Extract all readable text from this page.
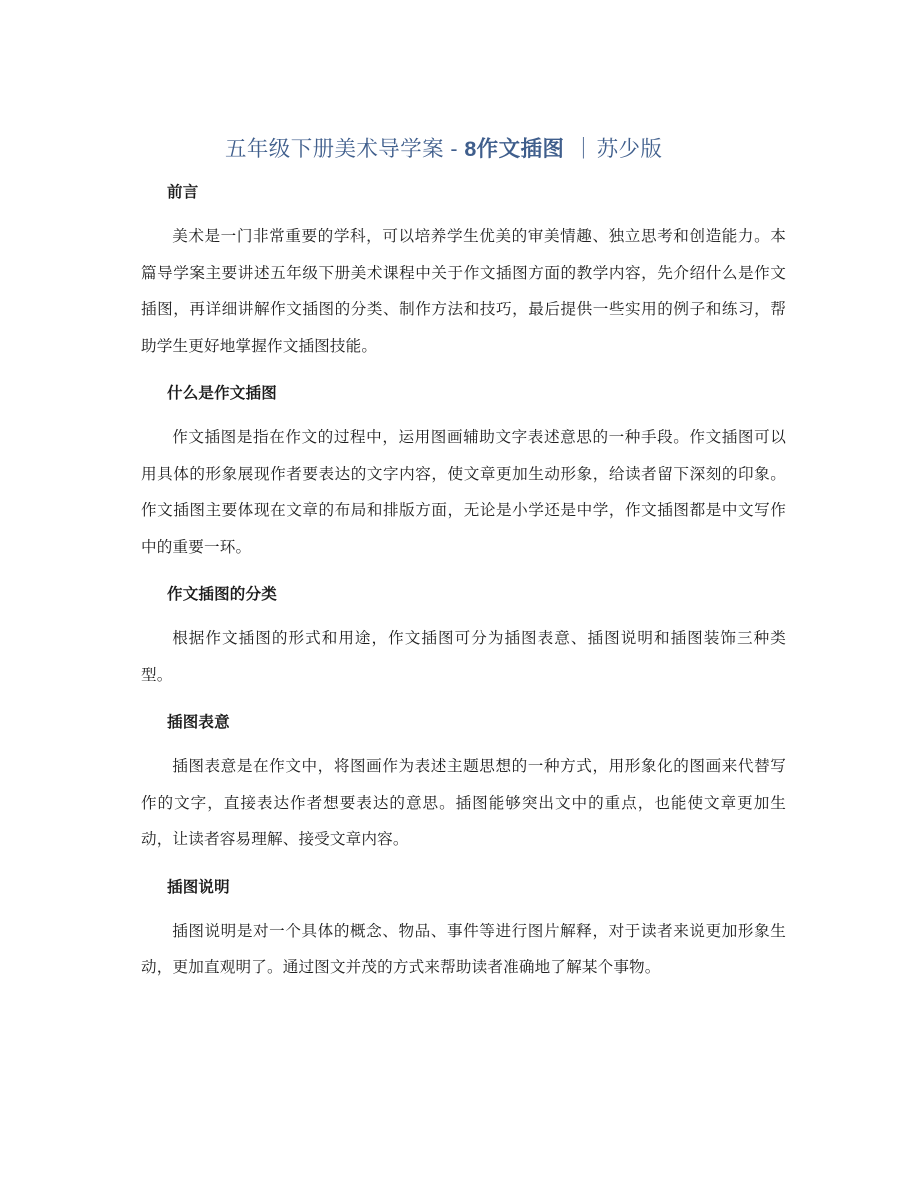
五年级下册美术导学案 - 8作文插图 ｜苏少版
前言

美术是一门非常重要的学科，可以培养学生优美的审美情趣、独立思考和创造能力。本篇导学案主要讲述五年级下册美术课程中关于作文插图方面的教学内容，先介绍什么是作文插图，再详细讲解作文插图的分类、制作方法和技巧，最后提供一些实用的例子和练习，帮助学生更好地掌握作文插图技能。

什么是作文插图

作文插图是指在作文的过程中，运用图画辅助文字表述意思的一种手段。作文插图可以用具体的形象展现作者要表达的文字内容，使文章更加生动形象，给读者留下深刻的印象。作文插图主要体现在文章的布局和排版方面，无论是小学还是中学，作文插图都是中文写作中的重要一环。

作文插图的分类

根据作文插图的形式和用途，作文插图可分为插图表意、插图说明和插图装饰三种类型。

插图表意

插图表意是在作文中，将图画作为表述主题思想的一种方式，用形象化的图画来代替写作的文字，直接表达作者想要表达的意思。插图能够突出文中的重点，也能使文章更加生动，让读者容易理解、接受文章内容。

插图说明

插图说明是对一个具体的概念、物品、事件等进行图片解释，对于读者来说更加形象生动，更加直观明了。通过图文并茂的方式来帮助读者准确地了解某个事物。
